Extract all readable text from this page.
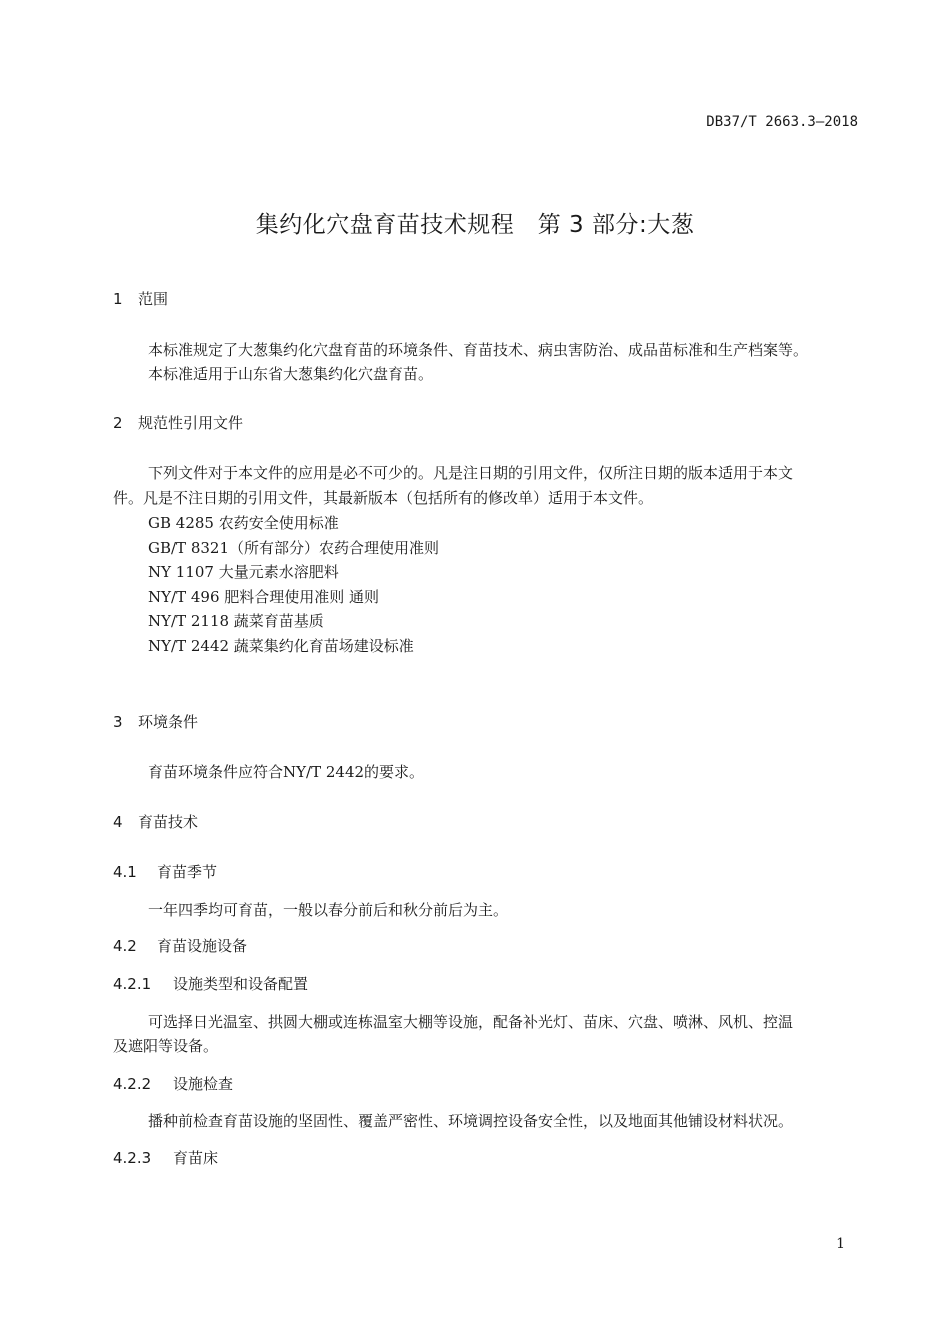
DB37/T 2663.3—2018
集约化穴盘育苗技术规程　第 3 部分:大葱
1 范围
本标准规定了大葱集约化穴盘育苗的环境条件、育苗技术、病虫害防治、成品苗标准和生产档案等。
本标准适用于山东省大葱集约化穴盘育苗。
2 规范性引用文件
下列文件对于本文件的应用是必不可少的。凡是注日期的引用文件，仅所注日期的版本适用于本文
件。凡是不注日期的引用文件，其最新版本（包括所有的修改单）适用于本文件。
GB 4285 农药安全使用标准
GB/T 8321（所有部分）农药合理使用准则
NY 1107 大量元素水溶肥料
NY/T 496 肥料合理使用准则 通则
NY/T 2118 蔬菜育苗基质
NY/T 2442 蔬菜集约化育苗场建设标准
3 环境条件
育苗环境条件应符合NY/T 2442的要求。
4 育苗技术
4.1 育苗季节
一年四季均可育苗，一般以春分前后和秋分前后为主。
4.2 育苗设施设备
4.2.1 设施类型和设备配置
可选择日光温室、拱圆大棚或连栋温室大棚等设施，配备补光灯、苗床、穴盘、喷淋、风机、控温
及遮阳等设备。
4.2.2 设施检查
播种前检查育苗设施的坚固性、覆盖严密性、环境调控设备安全性，以及地面其他铺设材料状况。
4.2.3 育苗床
1
